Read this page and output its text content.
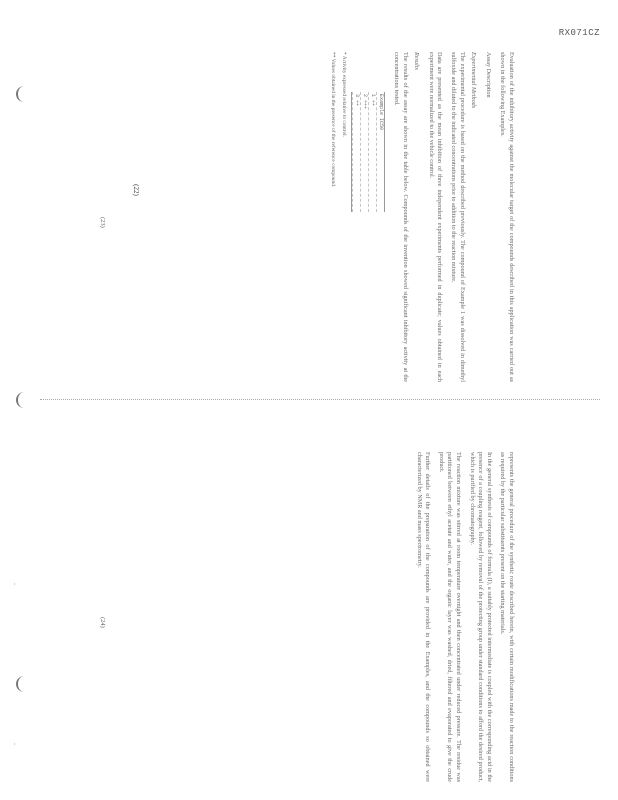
RX071CZ
·
·

Evaluation of the inhibitory activity against the molecular target of the compounds described in this application was carried out as shown in the following Examples.

Assay Description
Experimental Methods

The experimental procedure is based on the method described previously. The compound of Example 1 was dissolved in dimethyl sulfoxide and diluted to the indicated concentrations prior to addition to the reaction mixture.

Data are presented as the mean inhibition of three independent experiments performed in duplicate; values obtained in each experiment were normalized to the vehicle control.

Results

The results of the assay are shown in the table below. Compounds of the invention showed significant inhibitory activity at the concentrations tested.

Example IC50
1 ++
2 +++
3 ++
* Activity expressed relative to control.
** Values obtained in the presence of the reference compound.
(23)

represents the general procedure of the synthetic route described herein, with certain modifications made to the reaction conditions as required by the particular substituents present on the starting materials.

In the general synthesis of compounds of formula (I), a suitably protected intermediate is coupled with the corresponding acid in the presence of a coupling reagent, followed by removal of the protecting group under standard conditions to afford the desired product, which is purified by chromatography.

The reaction mixture was stirred at room temperature overnight and then concentrated under reduced pressure. The residue was partitioned between ethyl acetate and water, and the organic layer was washed, dried, filtered and evaporated to give the crude product.

Further details of the preparation of the compounds are provided in the Examples, and the compounds so obtained were characterized by NMR and mass spectrometry.

(24)
(22)
